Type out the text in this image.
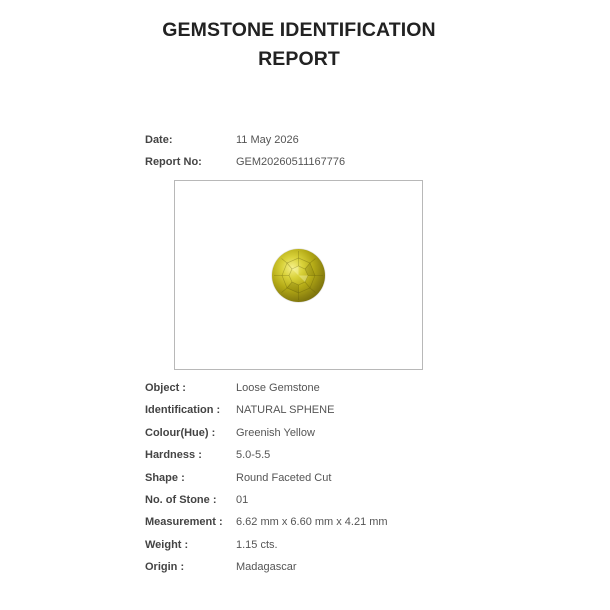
GEMSTONE IDENTIFICATION
REPORT
Date:	11 May 2026
Report No:	GEM20260511167776
Object :	Loose Gemstone
Identification : NATURAL SPHENE
Colour(Hue) : Greenish Yellow
Hardness :	5.0-5.5
Shape :	Round Faceted Cut
No. of Stone : 01
Measurement : 6.62 mm x 6.60 mm x 4.21 mm
Weight :	1.15 cts.
Origin :	Madagascar
